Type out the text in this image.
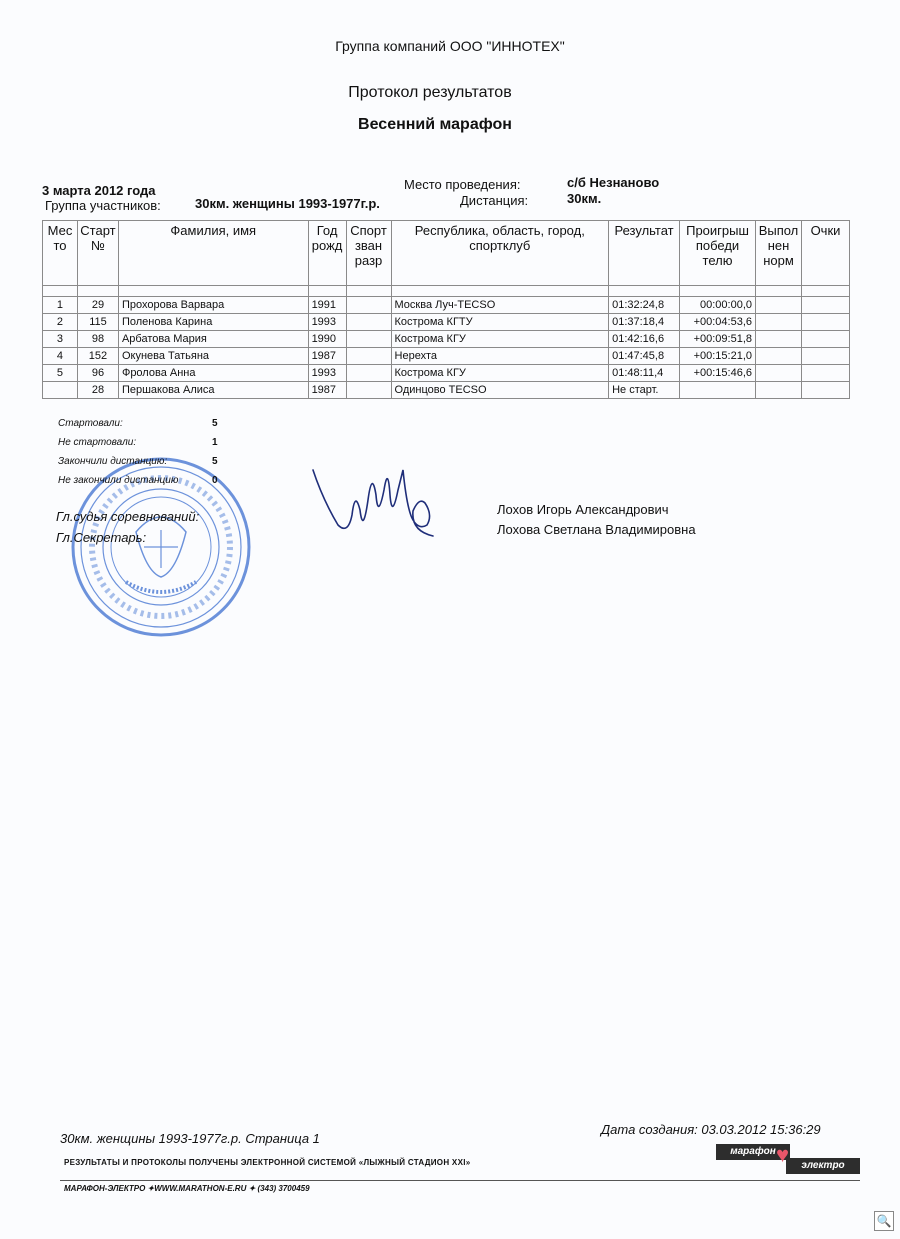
Группа компаний ООО "ИННОТЕХ"
Протокол результатов
Весенний марафон
3 марта 2012 года
Группа участников:	30км. женщины 1993-1977г.р.
Место проведения:	с/б Незнаново
Дистанция:	30км.
Мес то	Старт №	Фамилия, имя	Год рожд	Спорт зван разр	Республика, область, город, спортклуб	Результат	Проигрыш победи телю	Выпол нен норм	Очки

1	29	Прохорова Варвара	1991		Москва Луч-TECSO	01:32:24,8	00:00:00,0		
2	115	Поленова Карина	1993		Кострома КГТУ	01:37:18,4	+00:04:53,6		
3	98	Арбатова Мария	1990		Кострома КГУ	01:42:16,6	+00:09:51,8		
4	152	Окунева Татьяна	1987		Нерехта	01:47:45,8	+00:15:21,0		
5	96	Фролова Анна	1993		Кострома КГУ	01:48:11,4	+00:15:46,6		
	28	Першакова Алиса	1987		Одинцово TECSO	Не старт.			
Стартовали:	5
Не стартовали:	1
Закончили дистанцию:	5
Не закончили дистанцию	0
Гл.судья соревнований:
Гл.Секретарь:
Лохов Игорь Александрович
Лохова Светлана Владимировна
30км. женщины 1993-1977г.р. Страница 1
Дата создания: 03.03.2012 15:36:29
РЕЗУЛЬТАТЫ И ПРОТОКОЛЫ ПОЛУЧЕНЫ ЭЛЕКТРОННОЙ СИСТЕМОЙ «ЛЫЖНЫЙ СТАДИОН XXI»
марафон
электро
♥
МАРАФОН-ЭЛЕКТРО ✦WWW.MARATHON-E.RU ✦ (343) 3700459
🔍
